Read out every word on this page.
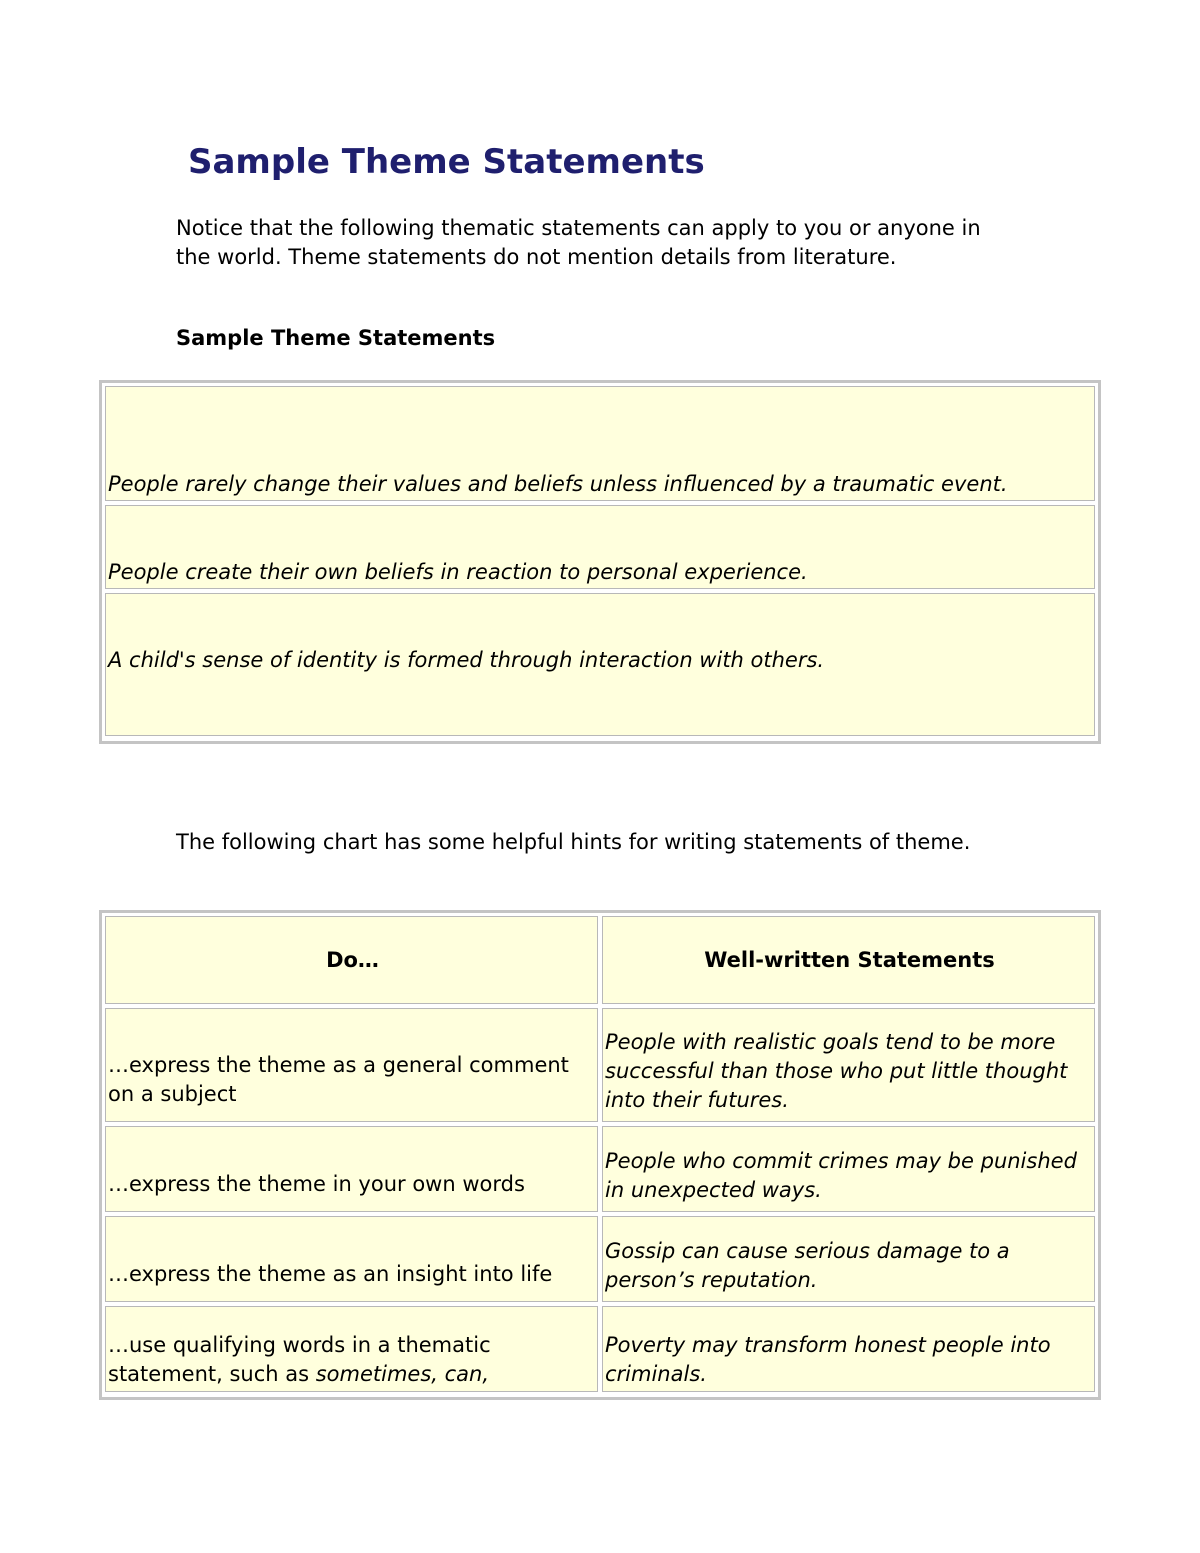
Sample Theme Statements

Notice that the following thematic statements can apply to you or anyone in the world. Theme statements do not mention details from literature.

Sample Theme Statements

People rarely change their values and beliefs unless influenced by a traumatic event.
People create their own beliefs in reaction to personal experience.
A child's sense of identity is formed through interaction with others.

The following chart has some helpful hints for writing statements of theme.

Do…	Well-written Statements
…express the theme as a general comment on a subject
People with realistic goals tend to be more successful than those who put little thought into their futures.
…express the theme in your own words
People who commit crimes may be punished in unexpected ways.
…express the theme as an insight into life
Gossip can cause serious damage to a person’s reputation.
…use qualifying words in a thematic statement, such as sometimes, can,
Poverty may transform honest people into criminals.
